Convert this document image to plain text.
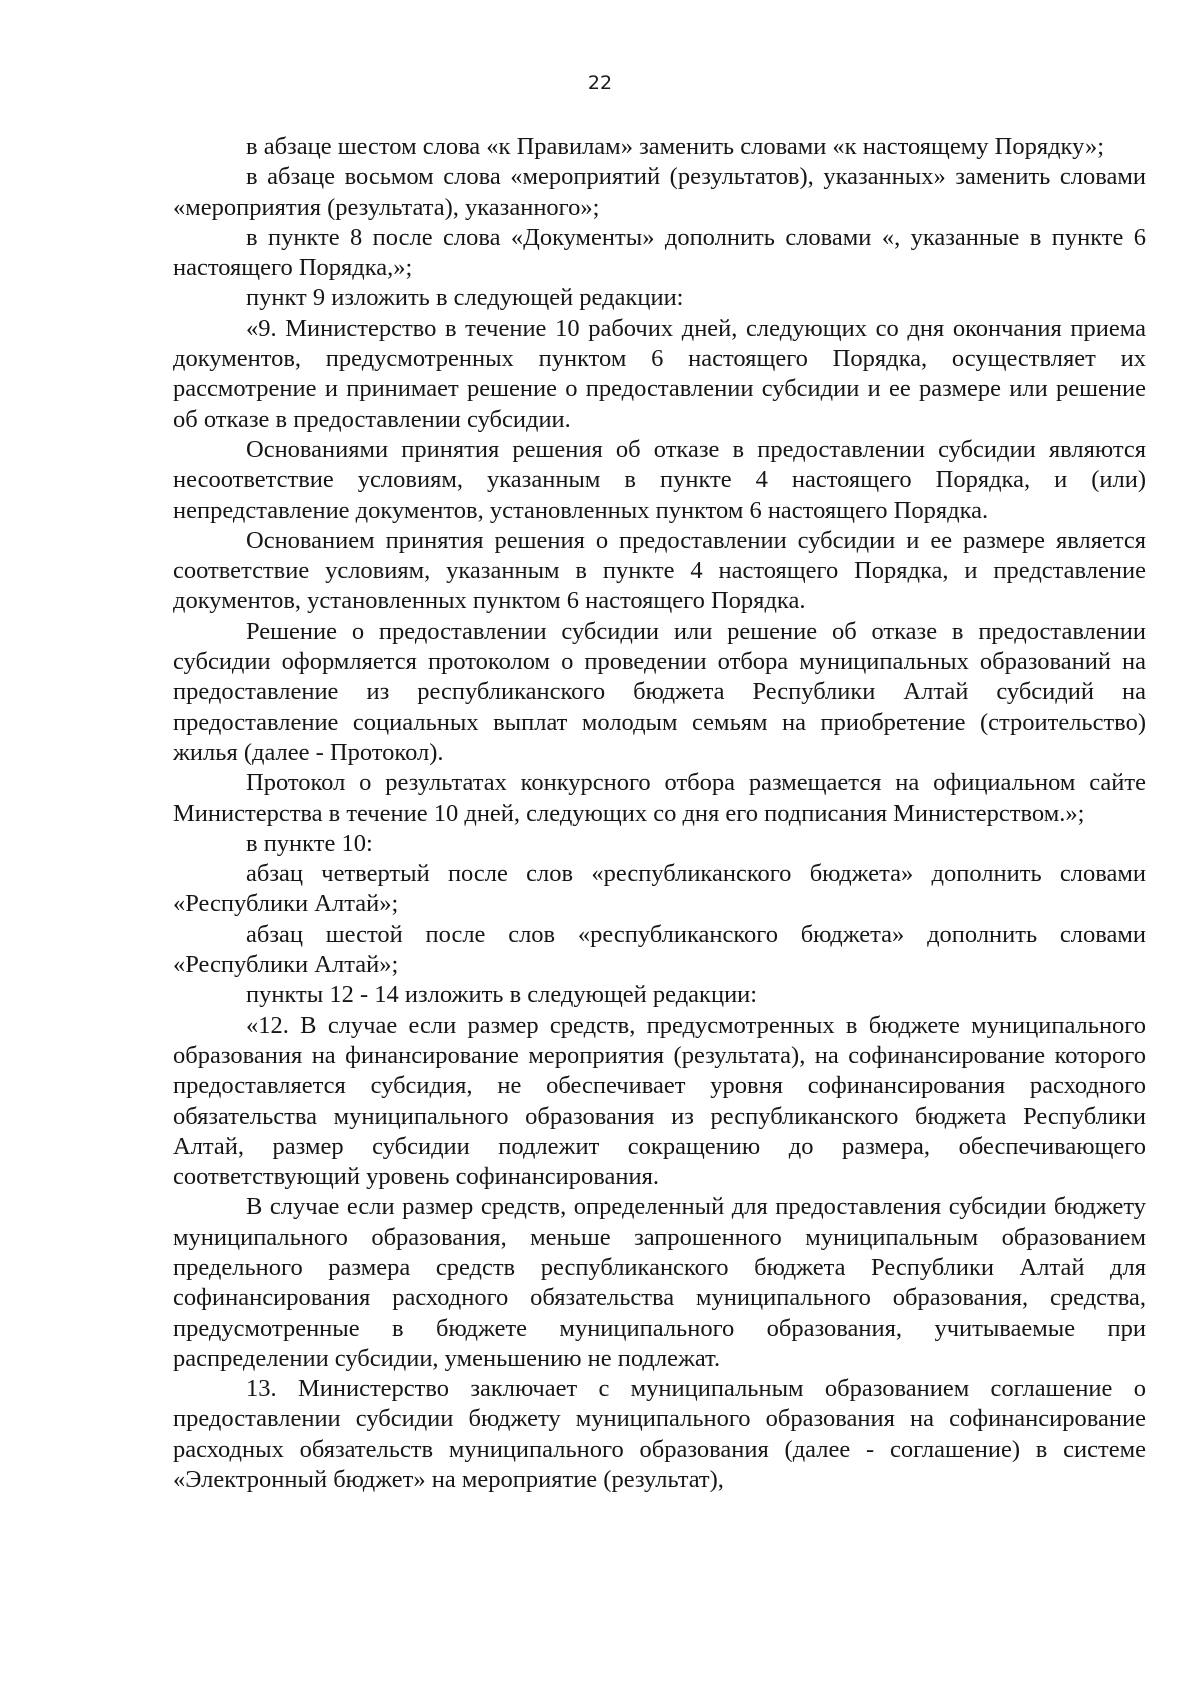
22

в абзаце шестом слова «к Правилам» заменить словами «к настоящему Порядку»;

в абзаце восьмом слова «мероприятий (результатов), указанных» заменить словами «мероприятия (результата), указанного»;

в пункте 8 после слова «Документы» дополнить словами «, указанные в пункте 6 настоящего Порядка,»;

пункт 9 изложить в следующей редакции:

«9. Министерство в течение 10 рабочих дней, следующих со дня окончания приема документов, предусмотренных пунктом 6 настоящего Порядка, осуществляет их рассмотрение и принимает решение о предоставлении субсидии и ее размере или решение об отказе в предоставлении субсидии.

Основаниями принятия решения об отказе в предоставлении субсидии являются несоответствие условиям, указанным в пункте 4 настоящего Порядка, и (или) непредставление документов, установленных пунктом 6 настоящего Порядка.

Основанием принятия решения о предоставлении субсидии и ее размере является соответствие условиям, указанным в пункте 4 настоящего Порядка, и представление документов, установленных пунктом 6 настоящего Порядка.

Решение о предоставлении субсидии или решение об отказе в предоставлении субсидии оформляется протоколом о проведении отбора муниципальных образований на предоставление из республиканского бюджета Республики Алтай субсидий на предоставление социальных выплат молодым семьям на приобретение (строительство) жилья (далее - Протокол).

Протокол о результатах конкурсного отбора размещается на официальном сайте Министерства в течение 10 дней, следующих со дня его подписания Министерством.»;

в пункте 10:

абзац четвертый после слов «республиканского бюджета» дополнить словами «Республики Алтай»;

абзац шестой после слов «республиканского бюджета» дополнить словами «Республики Алтай»;

пункты 12 - 14 изложить в следующей редакции:

«12. В случае если размер средств, предусмотренных в бюджете муниципального образования на финансирование мероприятия (результата), на софинансирование которого предоставляется субсидия, не обеспечивает уровня софинансирования расходного обязательства муниципального образования из республиканского бюджета Республики Алтай, размер субсидии подлежит сокращению до размера, обеспечивающего соответствующий уровень софинансирования.

В случае если размер средств, определенный для предоставления субсидии бюджету муниципального образования, меньше запрошенного муниципальным образованием предельного размера средств республиканского бюджета Республики Алтай для софинансирования расходного обязательства муниципального образования, средства, предусмотренные в бюджете муниципального образования, учитываемые при распределении субсидии, уменьшению не подлежат.

13. Министерство заключает с муниципальным образованием соглашение о предоставлении субсидии бюджету муниципального образования на софинансирование расходных обязательств муниципального образования (далее - соглашение) в системе «Электронный бюджет» на мероприятие (результат),
